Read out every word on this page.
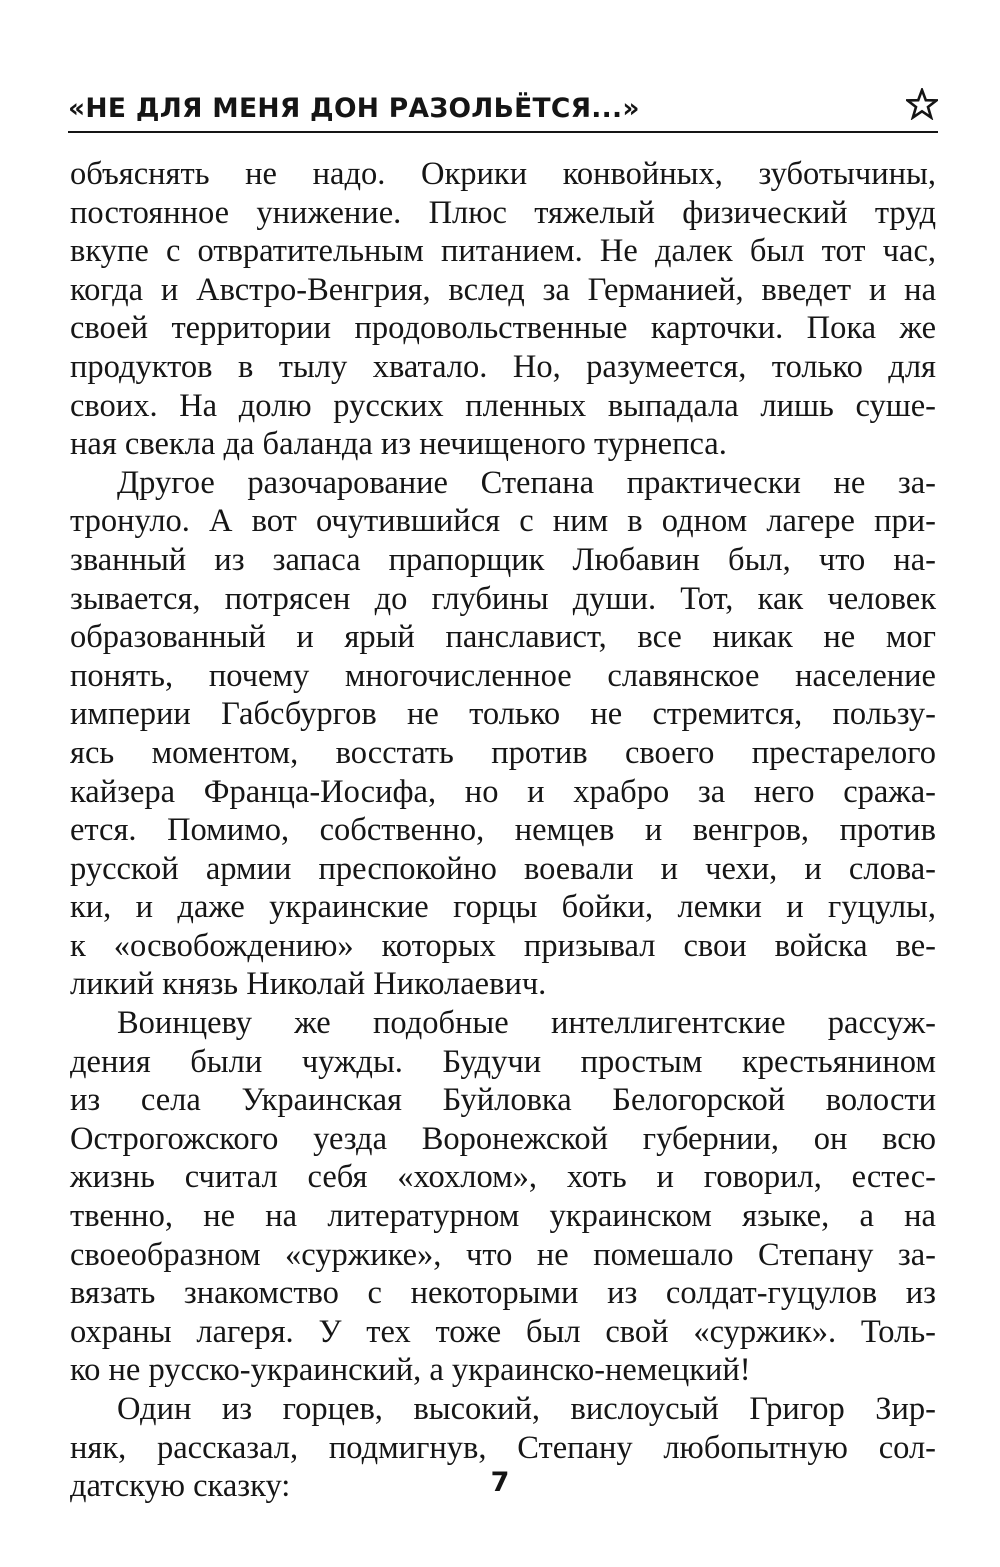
«НЕ ДЛЯ МЕНЯ ДОН РАЗОЛЬЁТСЯ...»
объяснять не надо. Окрики конвойных, зуботычины,
постоянное унижение. Плюс тяжелый физический труд
вкупе с отвратительным питанием. Не далек был тот час,
когда и Австро-Венгрия, вслед за Германией, введет и на
своей территории продовольственные карточки. Пока же
продуктов в тылу хватало. Но, разумеется, только для
своих. На долю русских пленных выпадала лишь суше-
ная свекла да баланда из нечищеного турнепса.
Другое разочарование Степана практически не за-
тронуло. А вот очутившийся с ним в одном лагере при-
званный из запаса прапорщик Любавин был, что на-
зывается, потрясен до глубины души. Тот, как человек
образованный и ярый панславист, все никак не мог
понять, почему многочисленное славянское население
империи Габсбургов не только не стремится, пользу-
ясь моментом, восстать против своего престарелого
кайзера Франца-Иосифа, но и храбро за него сража-
ется. Помимо, собственно, немцев и венгров, против
русской армии преспокойно воевали и чехи, и слова-
ки, и даже украинские горцы бойки, лемки и гуцулы,
к «освобождению» которых призывал свои войска ве-
ликий князь Николай Николаевич.
Воинцеву же подобные интеллигентские рассуж-
дения были чужды. Будучи простым крестьянином
из села Украинская Буйловка Белогорской волости
Острогожского уезда Воронежской губернии, он всю
жизнь считал себя «хохлом», хоть и говорил, естес-
твенно, не на литературном украинском языке, а на
своеобразном «суржике», что не помешало Степану за-
вязать знакомство с некоторыми из солдат-гуцулов из
охраны лагеря. У тех тоже был свой «суржик». Толь-
ко не русско-украинский, а украинско-немецкий!
Один из горцев, высокий, вислоусый Григор Зир-
няк, рассказал, подмигнув, Степану любопытную сол-
датскую сказку:	7
